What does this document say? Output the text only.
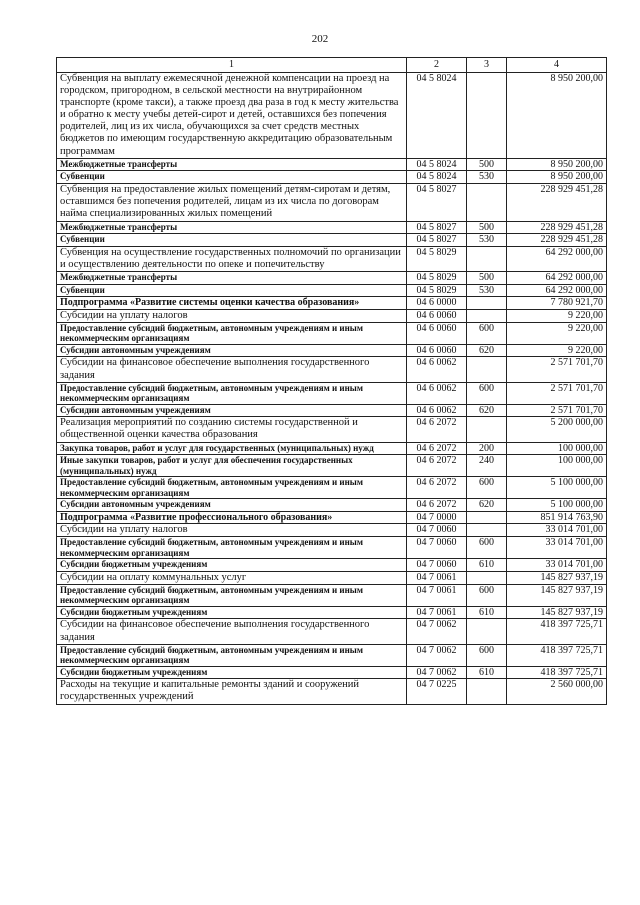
202
1	2	3	4
Субвенция на выплату ежемесячной денежной компенсации на проезд на городском, пригородном, в сельской местности на внутрирайонном транспорте (кроме такси), а также проезд два раза в год к месту жительства и обратно к месту учебы детей-сирот и детей, оставшихся без попечения родителей, лиц из их числа, обучающихся за счет средств местных бюджетов по имеющим государственную аккредитацию образовательным программам	04 5 8024		8 950 200,00
Межбюджетные трансферты	04 5 8024	500	8 950 200,00
Субвенции	04 5 8024	530	8 950 200,00
Субвенция на предоставление жилых помещений детям-сиротам и детям, оставшимся без попечения родителей, лицам из их числа по договорам найма специализированных жилых помещений	04 5 8027		228 929 451,28
Межбюджетные трансферты	04 5 8027	500	228 929 451,28
Субвенции	04 5 8027	530	228 929 451,28
Субвенция на осуществление государственных полномочий по организации и осуществлению деятельности по опеке и попечительству	04 5 8029		64 292 000,00
Межбюджетные трансферты	04 5 8029	500	64 292 000,00
Субвенции	04 5 8029	530	64 292 000,00
Подпрограмма «Развитие системы оценки качества образования»	04 6 0000		7 780 921,70
Субсидии на уплату налогов	04 6 0060		9 220,00
Предоставление субсидий бюджетным, автономным учреждениям и иным некоммерческим организациям	04 6 0060	600	9 220,00
Субсидии автономным учреждениям	04 6 0060	620	9 220,00
Субсидии на финансовое обеспечение выполнения государственного задания	04 6 0062		2 571 701,70
Предоставление субсидий бюджетным, автономным учреждениям и иным некоммерческим организациям	04 6 0062	600	2 571 701,70
Субсидии автономным учреждениям	04 6 0062	620	2 571 701,70
Реализация мероприятий по созданию системы государственной и общественной оценки качества образования	04 6 2072		5 200 000,00
Закупка товаров, работ и услуг для государственных (муниципальных) нужд	04 6 2072	200	100 000,00
Иные закупки товаров, работ и услуг для обеспечения государственных (муниципальных) нужд	04 6 2072	240	100 000,00
Предоставление субсидий бюджетным, автономным учреждениям и иным некоммерческим организациям	04 6 2072	600	5 100 000,00
Субсидии автономным учреждениям	04 6 2072	620	5 100 000,00
Подпрограмма «Развитие профессионального образования»	04 7 0000		851 914 763,90
Субсидии на уплату налогов	04 7 0060		33 014 701,00
Предоставление субсидий бюджетным, автономным учреждениям и иным некоммерческим организациям	04 7 0060	600	33 014 701,00
Субсидии бюджетным учреждениям	04 7 0060	610	33 014 701,00
Субсидии на оплату коммунальных услуг	04 7 0061		145 827 937,19
Предоставление субсидий бюджетным, автономным учреждениям и иным некоммерческим организациям	04 7 0061	600	145 827 937,19
Субсидии бюджетным учреждениям	04 7 0061	610	145 827 937,19
Субсидии на финансовое обеспечение выполнения государственного задания	04 7 0062		418 397 725,71
Предоставление субсидий бюджетным, автономным учреждениям и иным некоммерческим организациям	04 7 0062	600	418 397 725,71
Субсидии бюджетным учреждениям	04 7 0062	610	418 397 725,71
Расходы на текущие и капитальные ремонты зданий и сооружений государственных учреждений	04 7 0225		2 560 000,00
